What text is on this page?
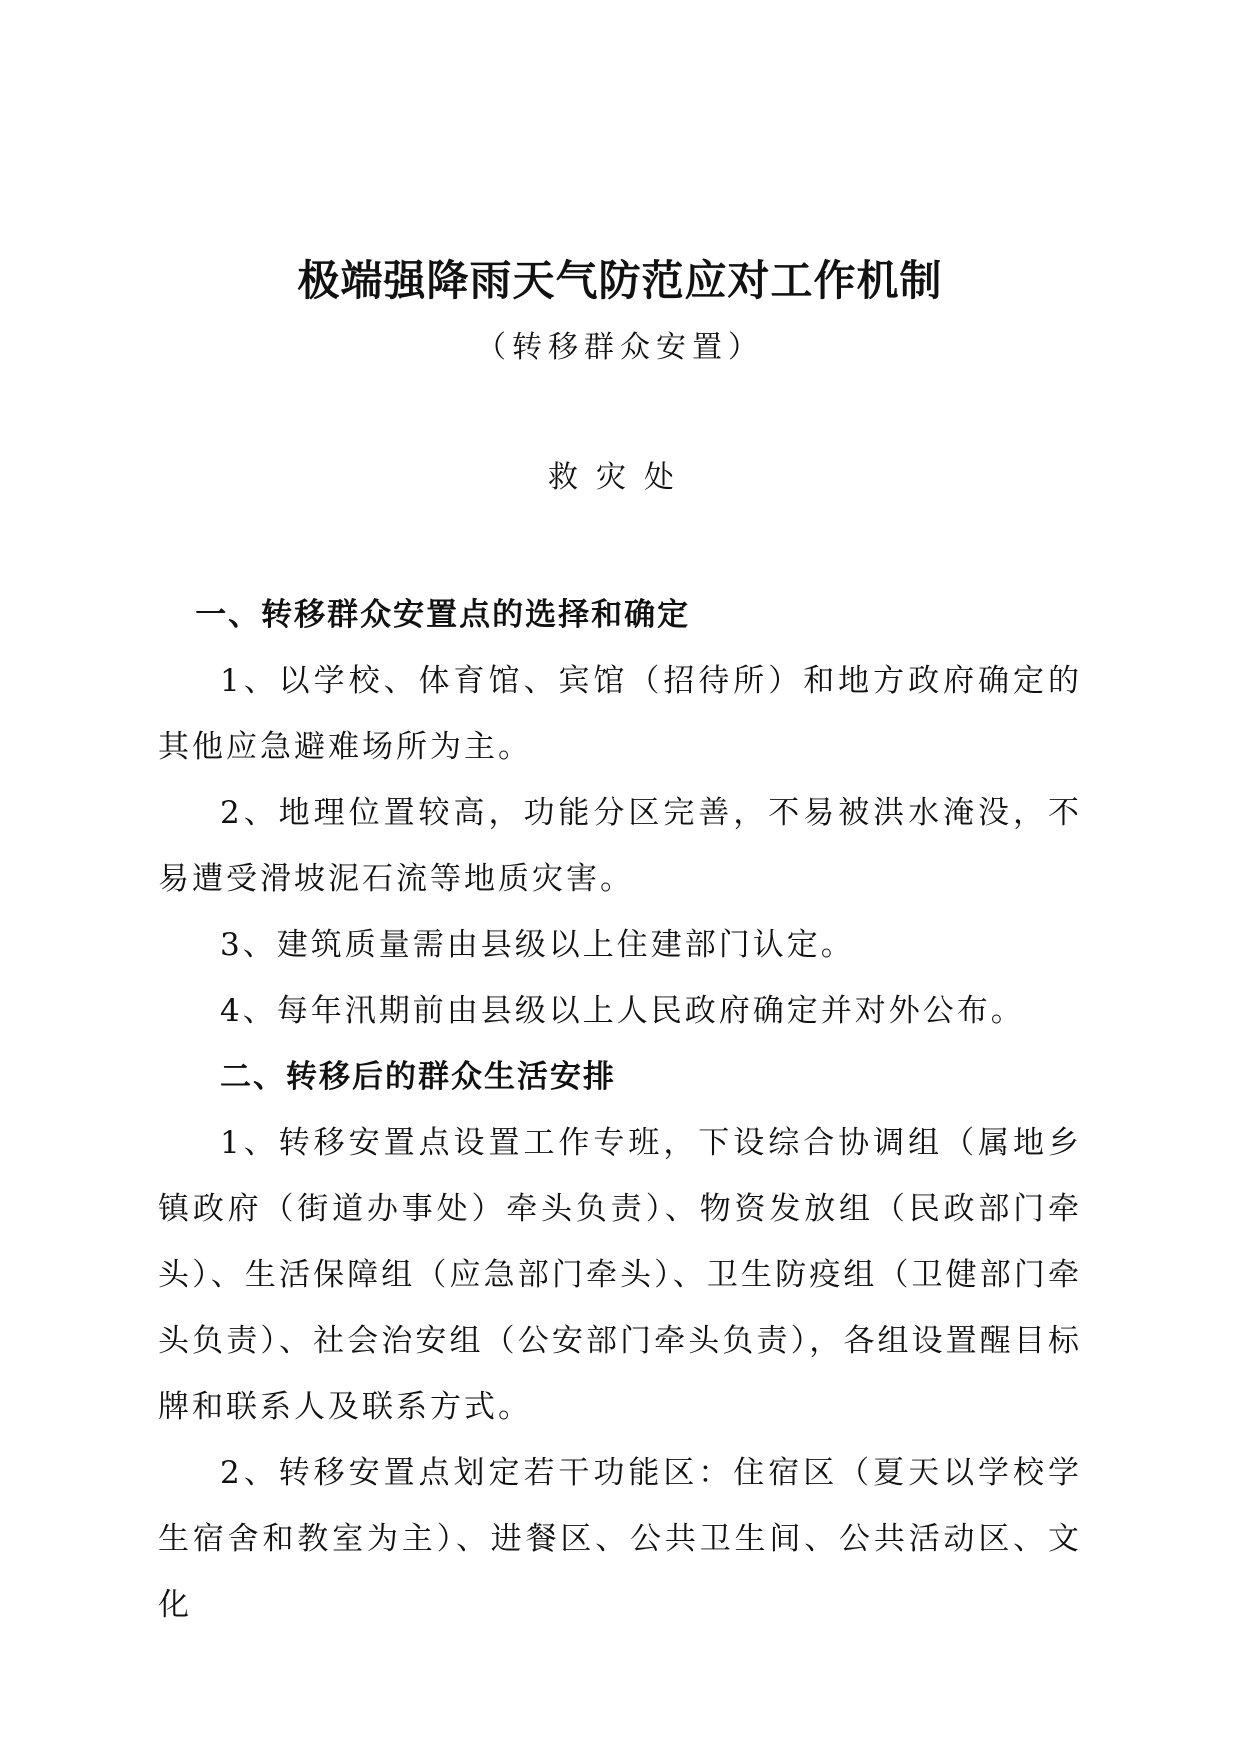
极端强降雨天气防范应对工作机制
（转移群众安置）
救灾处

一、转移群众安置点的选择和确定

1、以学校、体育馆、宾馆（招待所）和地方政府确定的其他应急避难场所为主。

2、地理位置较高，功能分区完善，不易被洪水淹没，不易遭受滑坡泥石流等地质灾害。

3、建筑质量需由县级以上住建部门认定。

4、每年汛期前由县级以上人民政府确定并对外公布。

二、转移后的群众生活安排

1、转移安置点设置工作专班，下设综合协调组（属地乡镇政府（街道办事处）牵头负责）、物资发放组（民政部门牵头）、生活保障组（应急部门牵头）、卫生防疫组（卫健部门牵头负责）、社会治安组（公安部门牵头负责），各组设置醒目标牌和联系人及联系方式。

2、转移安置点划定若干功能区：住宿区（夏天以学校学生宿舍和教室为主）、进餐区、公共卫生间、公共活动区、文化
